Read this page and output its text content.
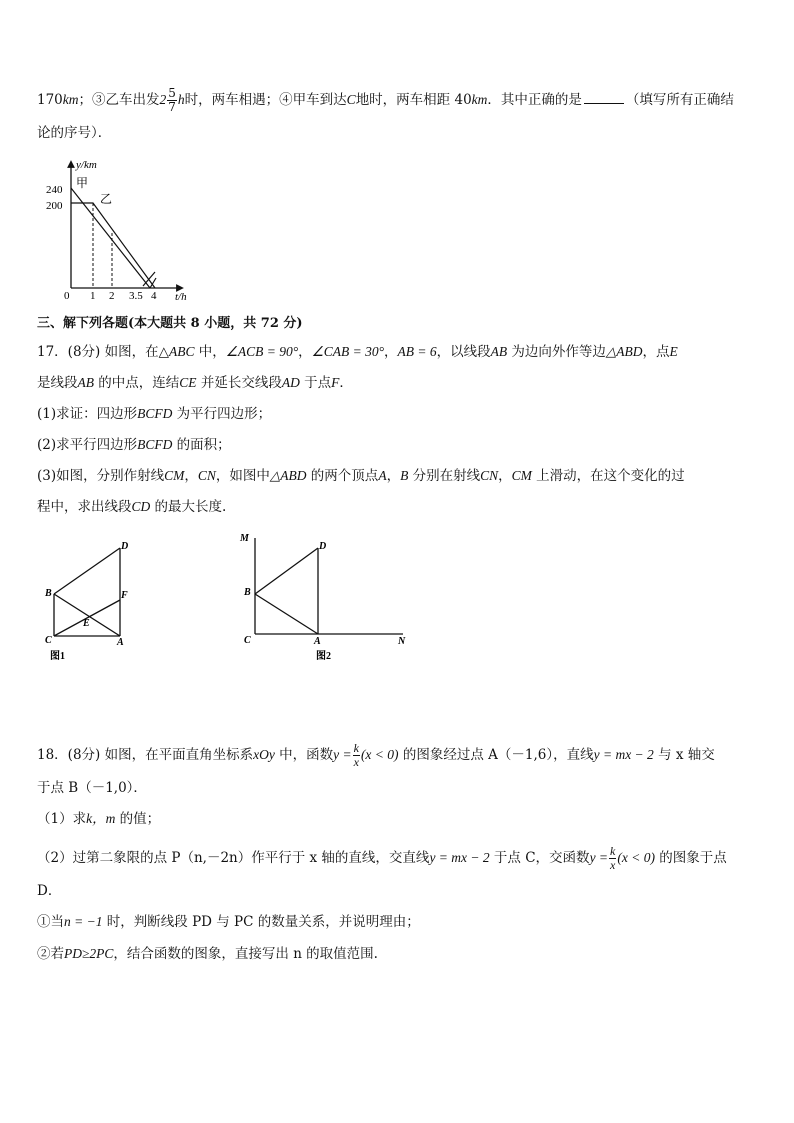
170km；③乙车出发$2 \frac{5}{7}$ h时，两车相遇；④甲车到达C地时，两车相距 40km．其中正确的是	（填写所有正确结
论的序号）．
y/km
t/h
甲
乙
240
200
0 1 2 3.5 4
三、解下列各题(本大题共 8 小题，共 72 分)
17．(8分) 如图，在△ABC 中，∠ACB = 90°，∠CAB = 30°，AB = 6，以线段AB 为边向外作等边△ABD，点E
是线段AB 的中点，连结CE 并延长交线段AD 于点F．
(1)求证：四边形BCFD 为平行四边形；
(2)求平行四边形BCFD 的面积；
(3)如图，分别作射线CM，CN，如图中△ABD 的两个顶点A，B 分别在射线CN，CM 上滑动，在这个变化的过
程中，求出线段CD 的最大长度.
D
B	F
E
C	A
图1
M
D
B
C	A	N
图2
18．(8分) 如图，在平面直角坐标系xOy 中，函数$y = \frac{k}{x} (x < 0)$ 的图象经过点 A（－1,6），直线y = mx − 2 与 x 轴交
于点 B（－1,0）．
（1）求k，m 的值；
（2）过第二象限的点 P（n,－2n）作平行于 x 轴的直线，交直线y = mx − 2 于点 C，交函数$y = \frac{k}{x} (x < 0)$ 的图象于点
D．
①当n = −1 时，判断线段 PD 与 PC 的数量关系，并说明理由；
②若PD≥2PC，结合函数的图象，直接写出 n 的取值范围.
